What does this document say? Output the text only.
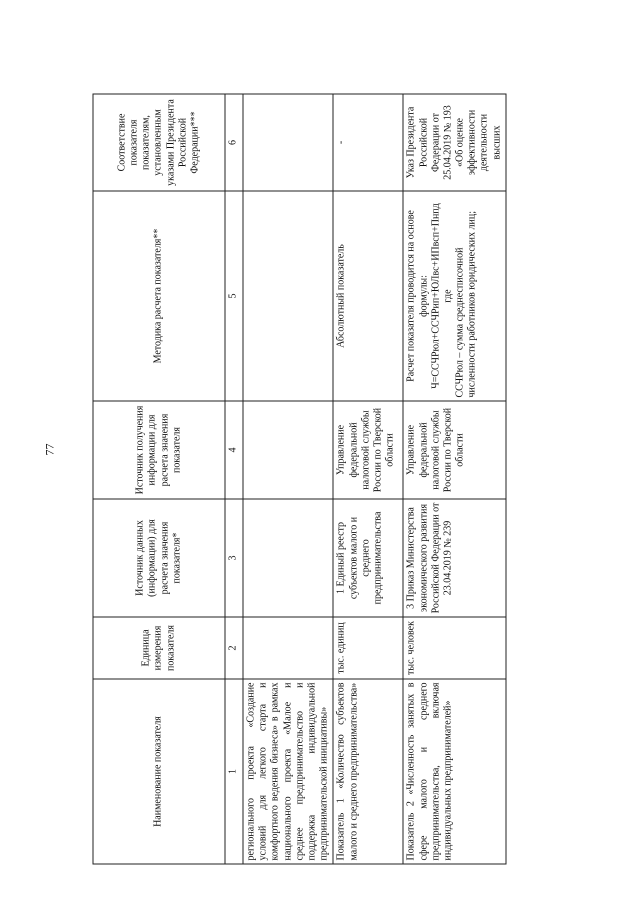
77
Наименование показателя	Единица измерения показателя	Источник данных (информации) для расчета значения показателя*	Источник получения информации для расчета значения показателя	Методика расчета показателя**	Соответствие показателя показателям, установленным указами Президента Российской Федерации***
1	2	3	4	5	6
регионального проекта «Создание условий для легкого старта и комфортного ведения бизнеса» в рамках национального проекта «Малое и среднее предпринимательство и поддержка индивидуальной предпринимательской инициативы»					
Показатель 1 «Количество субъектов малого и среднего предпринимательства»	тыс. единиц	1 Единый реестр субъектов малого и среднего предпринимательства	Управление федеральной налоговой службы России по Тверской области	Абсолютный показатель	-
Показатель 2 «Численность занятых в сфере малого и среднего предпринимательства, включая индивидуальных предпринимателей»	тыс. человек	3 Приказ Министерства экономического развития Российской Федерации от 23.04.2019 № 239	Управление федеральной налоговой службы России по Тверской области	Расчет показателя проводится на основе формулы: Ч=ССЧРюл+ССЧРип+ЮЛвс+ИПвсп+Пнпд где ССЧРюл – сумма среднесписочной численности работников юридических лиц;	Указ Президента Российской Федерации от 25.04.2019 № 193 «Об оценке эффективности деятельности высших
